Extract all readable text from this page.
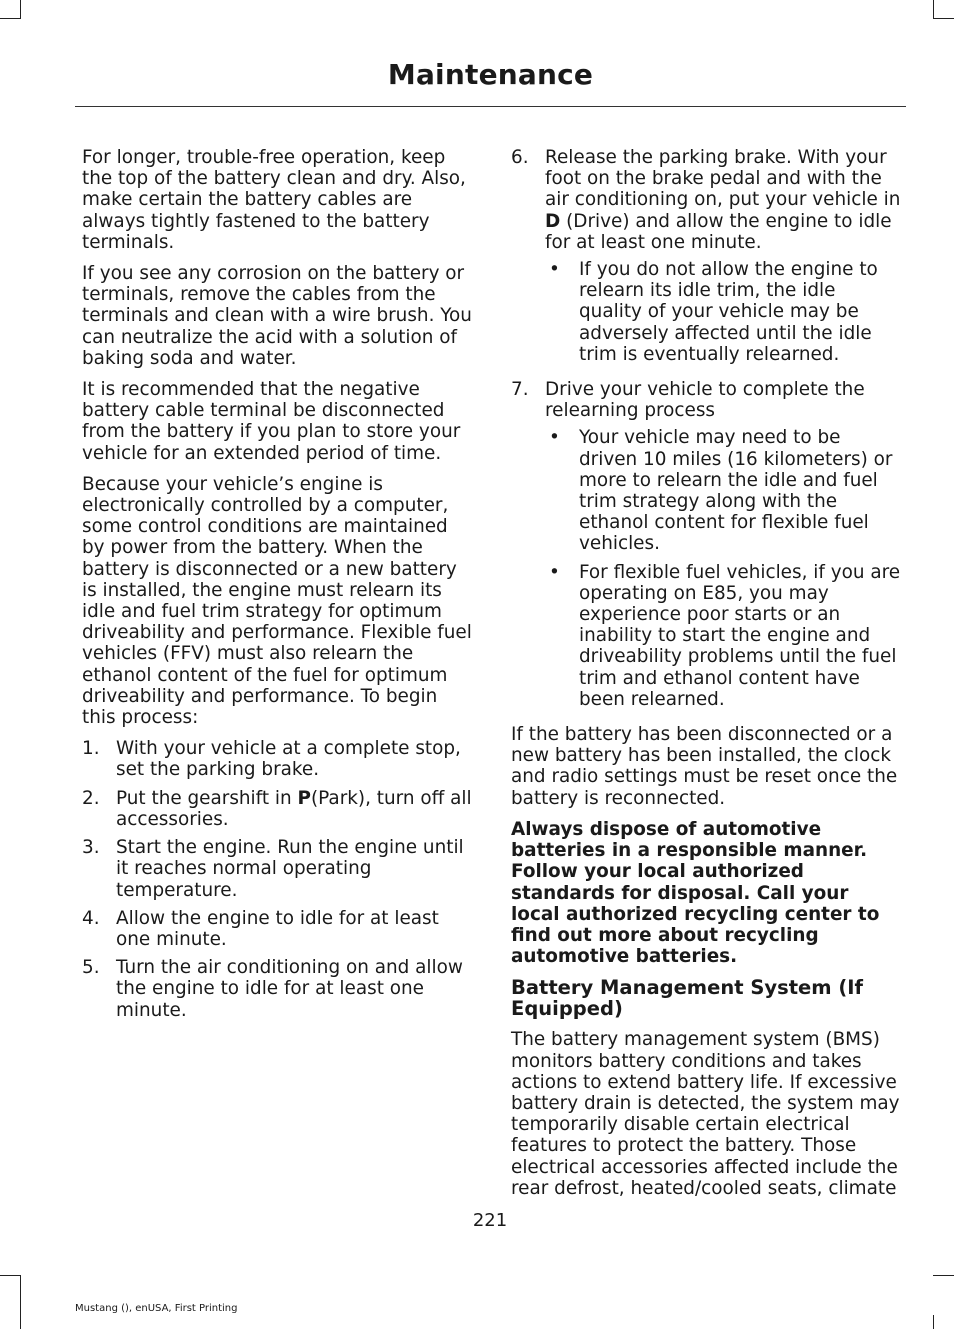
Maintenance

For longer, trouble-free operation, keep the top of the battery clean and dry. Also, make certain the battery cables are always tightly fastened to the battery terminals.

If you see any corrosion on the battery or terminals, remove the cables from the terminals and clean with a wire brush. You can neutralize the acid with a solution of baking soda and water.

It is recommended that the negative battery cable terminal be disconnected from the battery if you plan to store your vehicle for an extended period of time.

Because your vehicle’s engine is electronically controlled by a computer, some control conditions are maintained by power from the battery. When the battery is disconnected or a new battery is installed, the engine must relearn its idle and fuel trim strategy for optimum driveability and performance. Flexible fuel vehicles (FFV) must also relearn the ethanol content of the fuel for optimum driveability and performance. To begin this process:

1. With your vehicle at a complete stop, set the parking brake.
2. Put the gearshift in P(Park), turn off all accessories.
3. Start the engine. Run the engine until it reaches normal operating temperature.
4. Allow the engine to idle for at least one minute.
5. Turn the air conditioning on and allow the engine to idle for at least one minute.
6. Release the parking brake. With your foot on the brake pedal and with the air conditioning on, put your vehicle in D (Drive) and allow the engine to idle for at least one minute.
•	If you do not allow the engine to relearn its idle trim, the idle quality of your vehicle may be adversely affected until the idle trim is eventually relearned.
7. Drive your vehicle to complete the relearning process
•	Your vehicle may need to be driven 10 miles (16 kilometers) or more to relearn the idle and fuel trim strategy along with the ethanol content for flexible fuel vehicles.
•	For flexible fuel vehicles, if you are operating on E85, you may experience poor starts or an inability to start the engine and driveability problems until the fuel trim and ethanol content have been relearned.

If the battery has been disconnected or a new battery has been installed, the clock and radio settings must be reset once the battery is reconnected.

Always dispose of automotive batteries in a responsible manner. Follow your local authorized standards for disposal. Call your local authorized recycling center to find out more about recycling automotive batteries.

Battery Management System (If Equipped)

The battery management system (BMS) monitors battery conditions and takes actions to extend battery life. If excessive battery drain is detected, the system may temporarily disable certain electrical features to protect the battery. Those electrical accessories affected include the rear defrost, heated/cooled seats, climate

221
Mustang (), enUSA, First Printing
